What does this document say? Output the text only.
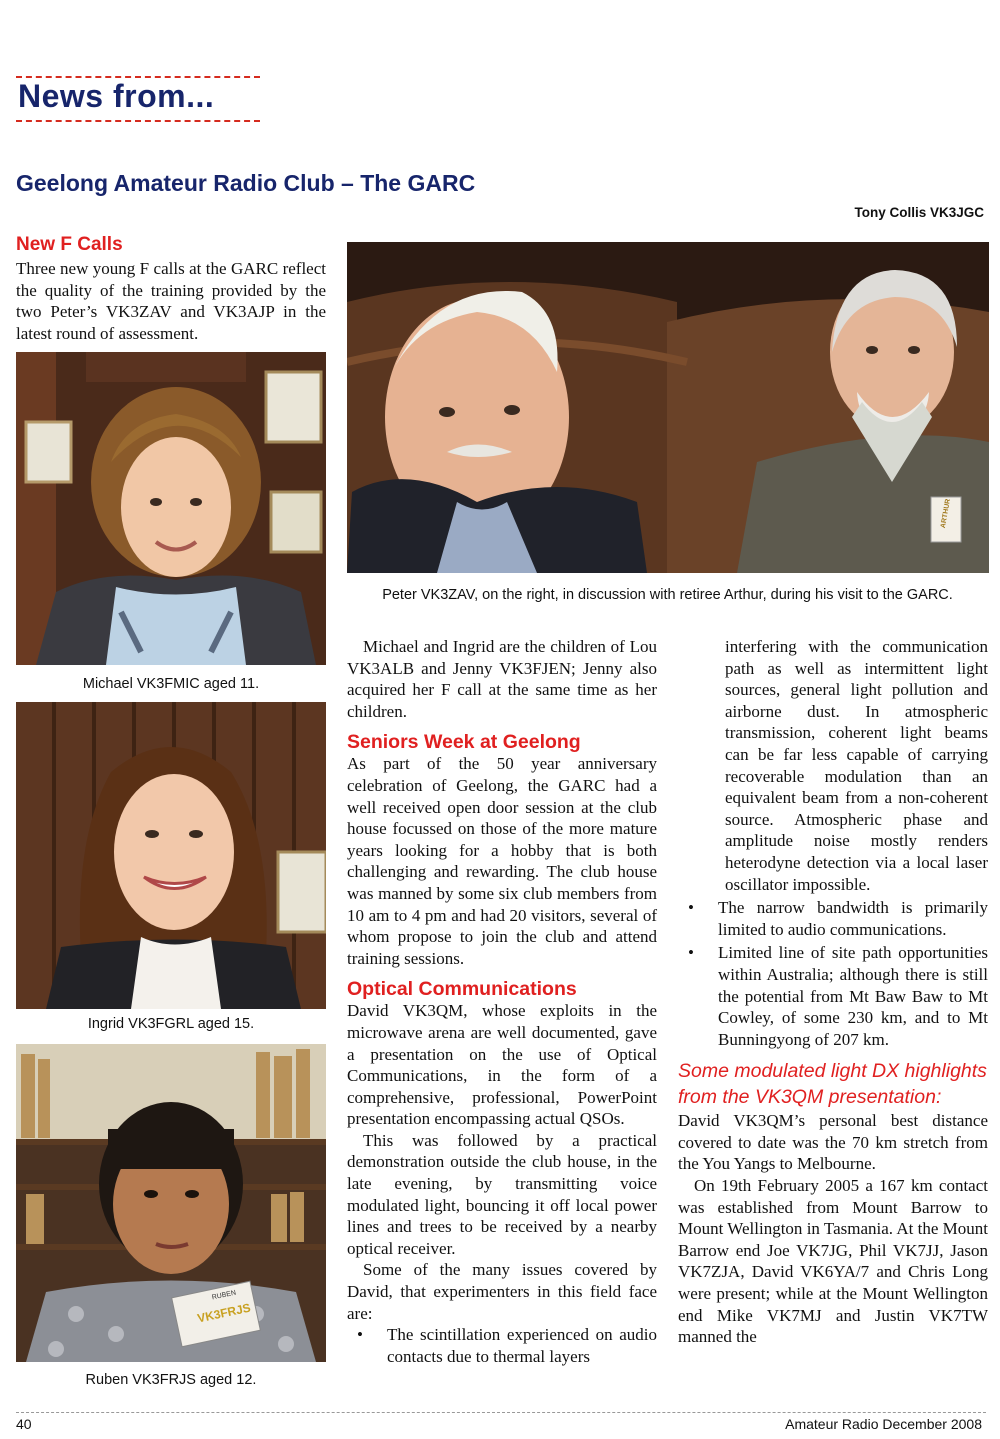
News from...
Geelong Amateur Radio Club – The GARC
Tony Collis VK3JGC
New F Calls
Three new young F calls at the GARC reflect the quality of the training provided by the two Peter’s VK3ZAV and VK3AJP in the latest round of assessment.
Michael VK3FMIC aged 11.
Ingrid VK3FGRL aged 15.
RUBEN
VK3FRJS
Ruben VK3FRJS aged 12.
ARTHUR
Peter VK3ZAV, on the right, in discussion with retiree Arthur, during his visit to the GARC.

Michael and Ingrid are the children of Lou VK3ALB and Jenny VK3FJEN; Jenny also acquired her F call at the same time as her children.

Seniors Week at Geelong

As part of the 50 year anniversary celebration of Geelong, the GARC had a well received open door session at the club house focussed on those of the more mature years looking for a hobby that is both challenging and rewarding. The club house was manned by some six club members from 10 am to 4 pm and had 20 visitors, several of whom propose to join the club and attend training sessions.

Optical Communications

David VK3QM, whose exploits in the microwave arena are well documented, gave a presentation on the use of Optical Communications, in the form of a comprehensive, professional, PowerPoint presentation encompassing actual QSOs.

This was followed by a practical demonstration outside the club house, in the late evening, by transmitting voice modulated light, bouncing it off local power lines and trees to be received by a nearby optical receiver.

Some of the many issues covered by David, that experimenters in this field face are:

• The scintillation experienced on audio contacts due to thermal layers
interfering with the communication path as well as intermittent light sources, general light pollution and airborne dust. In atmospheric transmission, coherent light beams can be far less capable of carrying recoverable modulation than an equivalent beam from a non-coherent source. Atmospheric phase and amplitude noise mostly renders heterodyne detection via a local laser oscillator impossible.
• The narrow bandwidth is primarily limited to audio communications.
• Limited line of site path opportunities within Australia; although there is still the potential from Mt Baw Baw to Mt Cowley, of some 230 km, and to Mt Bunningyong of 207 km.
Some modulated light DX highlights from the VK3QM presentation:

David VK3QM’s personal best distance covered to date was the 70 km stretch from the You Yangs to Melbourne.

On 19th February 2005 a 167 km contact was established from Mount Barrow to Mount Wellington in Tasmania. At the Mount Barrow end Joe VK7JG, Phil VK7JJ, Jason VK7ZJA, David VK6YA/7 and Chris Long were present; while at the Mount Wellington end Mike VK7MJ and Justin VK7TW manned the

40	Amateur Radio December 2008
